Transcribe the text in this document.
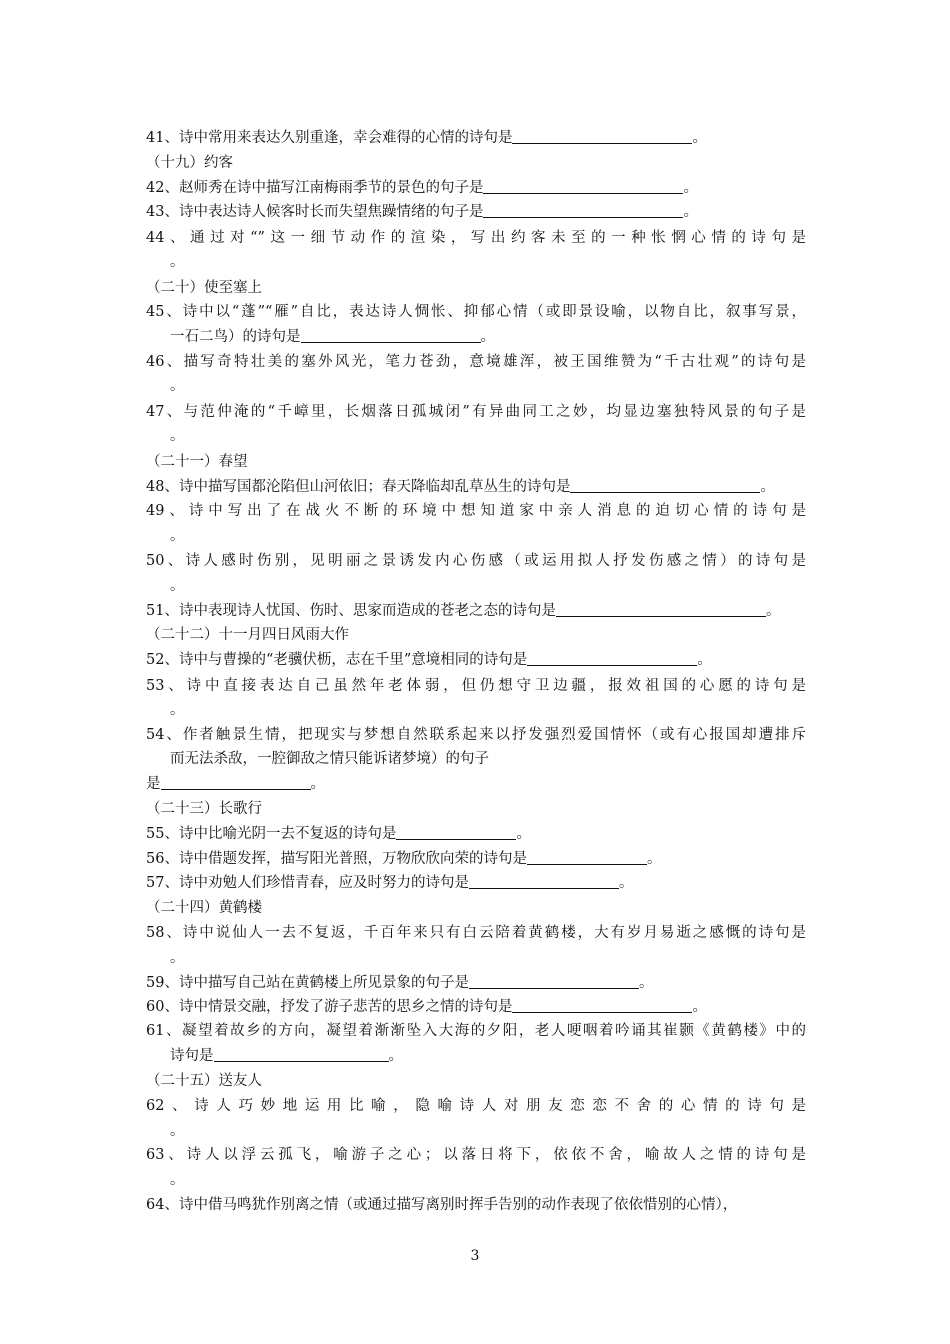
41、诗中常用来表达久别重逢，幸会难得的心情的诗句是	。
（十九）约客
42、赵师秀在诗中描写江南梅雨季节的景色的句子是	。
43、诗中表达诗人候客时长而失望焦躁情绪的句子是	。
44、通过对“”这一细节动作的渲染，写出约客未至的一种怅惘心情的诗句是
。
（二十）使至塞上
45、诗中以“蓬”“雁”自比，表达诗人惆怅、抑郁心情（或即景设喻，以物自比，叙事写景，
一石二鸟）的诗句是	。
46、描写奇特壮美的塞外风光，笔力苍劲，意境雄浑，被王国维赞为“千古壮观”的诗句是
。
47、与范仲淹的“千嶂里，长烟落日孤城闭”有异曲同工之妙，均显边塞独特风景的句子是
。
（二十一）春望
48、诗中描写国都沦陷但山河依旧；春天降临却乱草丛生的诗句是	。
49、诗中写出了在战火不断的环境中想知道家中亲人消息的迫切心情的诗句是
。
50、诗人感时伤别，见明丽之景诱发内心伤感（或运用拟人抒发伤感之情）的诗句是
。
51、诗中表现诗人忧国、伤时、思家而造成的苍老之态的诗句是	。
（二十二）十一月四日风雨大作
52、诗中与曹操的“老骥伏枥，志在千里”意境相同的诗句是	。
53、诗中直接表达自己虽然年老体弱，但仍想守卫边疆，报效祖国的心愿的诗句是
。
54、作者触景生情，把现实与梦想自然联系起来以抒发强烈爱国情怀（或有心报国却遭排斥
而无法杀敌，一腔御敌之情只能诉诸梦境）的句子
是	。
（二十三）长歌行
55、诗中比喻光阴一去不复返的诗句是	。
56、诗中借题发挥，描写阳光普照，万物欣欣向荣的诗句是	。
57、诗中劝勉人们珍惜青春，应及时努力的诗句是	。
（二十四）黄鹤楼
58、诗中说仙人一去不复返，千百年来只有白云陪着黄鹤楼，大有岁月易逝之感慨的诗句是
。
59、诗中描写自己站在黄鹤楼上所见景象的句子是	。
60、诗中情景交融，抒发了游子悲苦的思乡之情的诗句是	。
61、凝望着故乡的方向，凝望着渐渐坠入大海的夕阳，老人哽咽着吟诵其崔颢《黄鹤楼》中的
诗句是	。
（二十五）送友人
62、诗人巧妙地运用比喻，隐喻诗人对朋友恋恋不舍的心情的诗句是
。
63、诗人以浮云孤飞，喻游子之心；以落日将下，依依不舍，喻故人之情的诗句是
。
64、诗中借马鸣犹作别离之情（或通过描写离别时挥手告别的动作表现了依依惜别的心情），
3
